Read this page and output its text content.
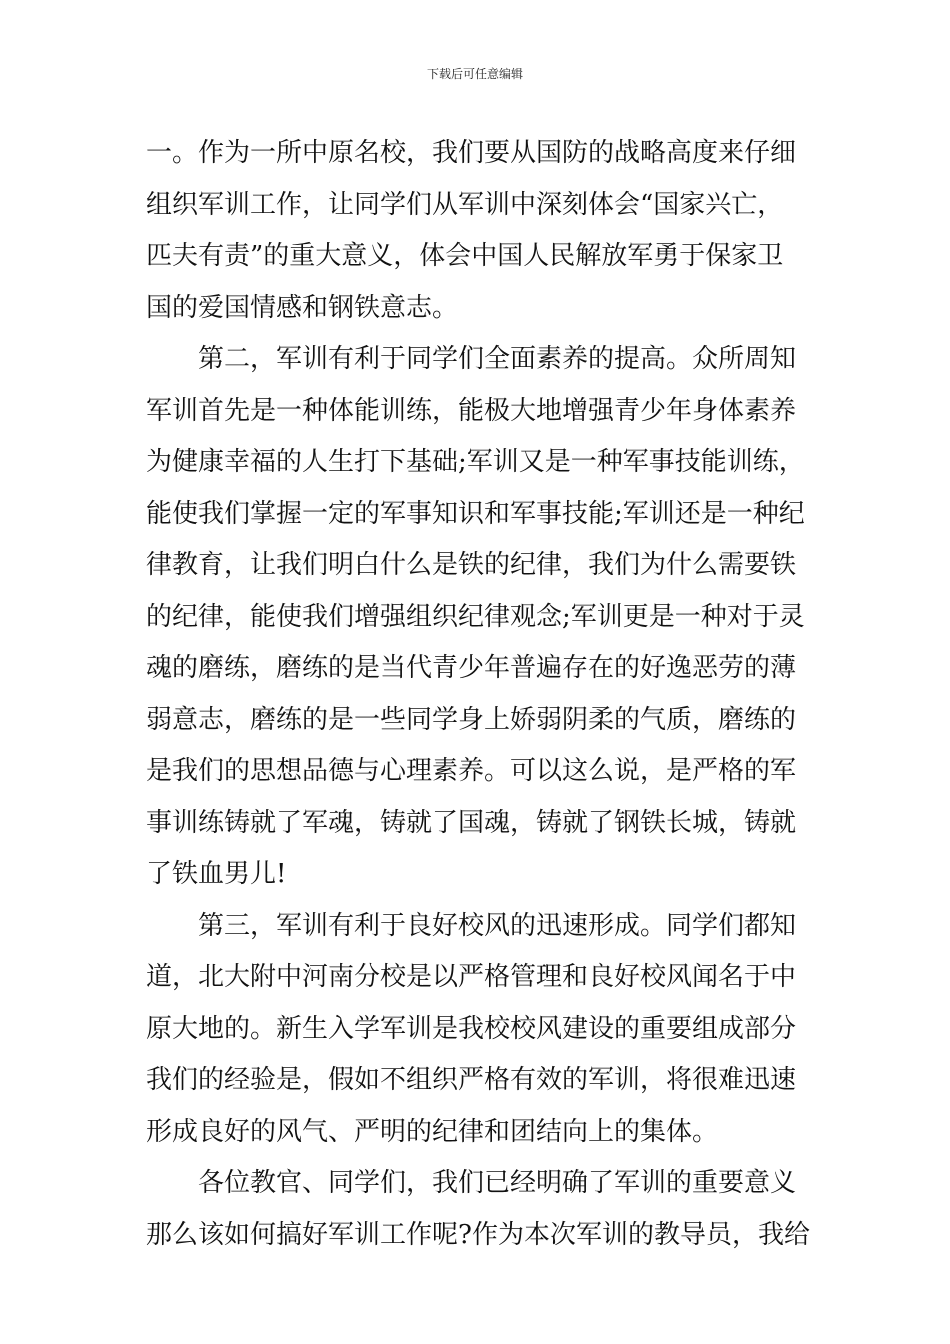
下载后可任意编辑
一。作为一所中原名校，我们要从国防的战略高度来仔细
组织军训工作，让同学们从军训中深刻体会“国家兴亡，
匹夫有责”的重大意义，体会中国人民解放军勇于保家卫
国的爱国情感和钢铁意志。
第二，军训有利于同学们全面素养的提高。众所周知
军训首先是一种体能训练，能极大地增强青少年身体素养
为健康幸福的人生打下基础;军训又是一种军事技能训练，
能使我们掌握一定的军事知识和军事技能;军训还是一种纪
律教育，让我们明白什么是铁的纪律，我们为什么需要铁
的纪律，能使我们增强组织纪律观念;军训更是一种对于灵
魂的磨练，磨练的是当代青少年普遍存在的好逸恶劳的薄
弱意志，磨练的是一些同学身上娇弱阴柔的气质，磨练的
是我们的思想品德与心理素养。可以这么说，是严格的军
事训练铸就了军魂，铸就了国魂，铸就了钢铁长城，铸就
了铁血男儿!
第三，军训有利于良好校风的迅速形成。同学们都知
道，北大附中河南分校是以严格管理和良好校风闻名于中
原大地的。新生入学军训是我校校风建设的重要组成部分
我们的经验是，假如不组织严格有效的军训，将很难迅速
形成良好的风气、严明的纪律和团结向上的集体。
各位教官、同学们，我们已经明确了军训的重要意义
那么该如何搞好军训工作呢?作为本次军训的教导员，我给
